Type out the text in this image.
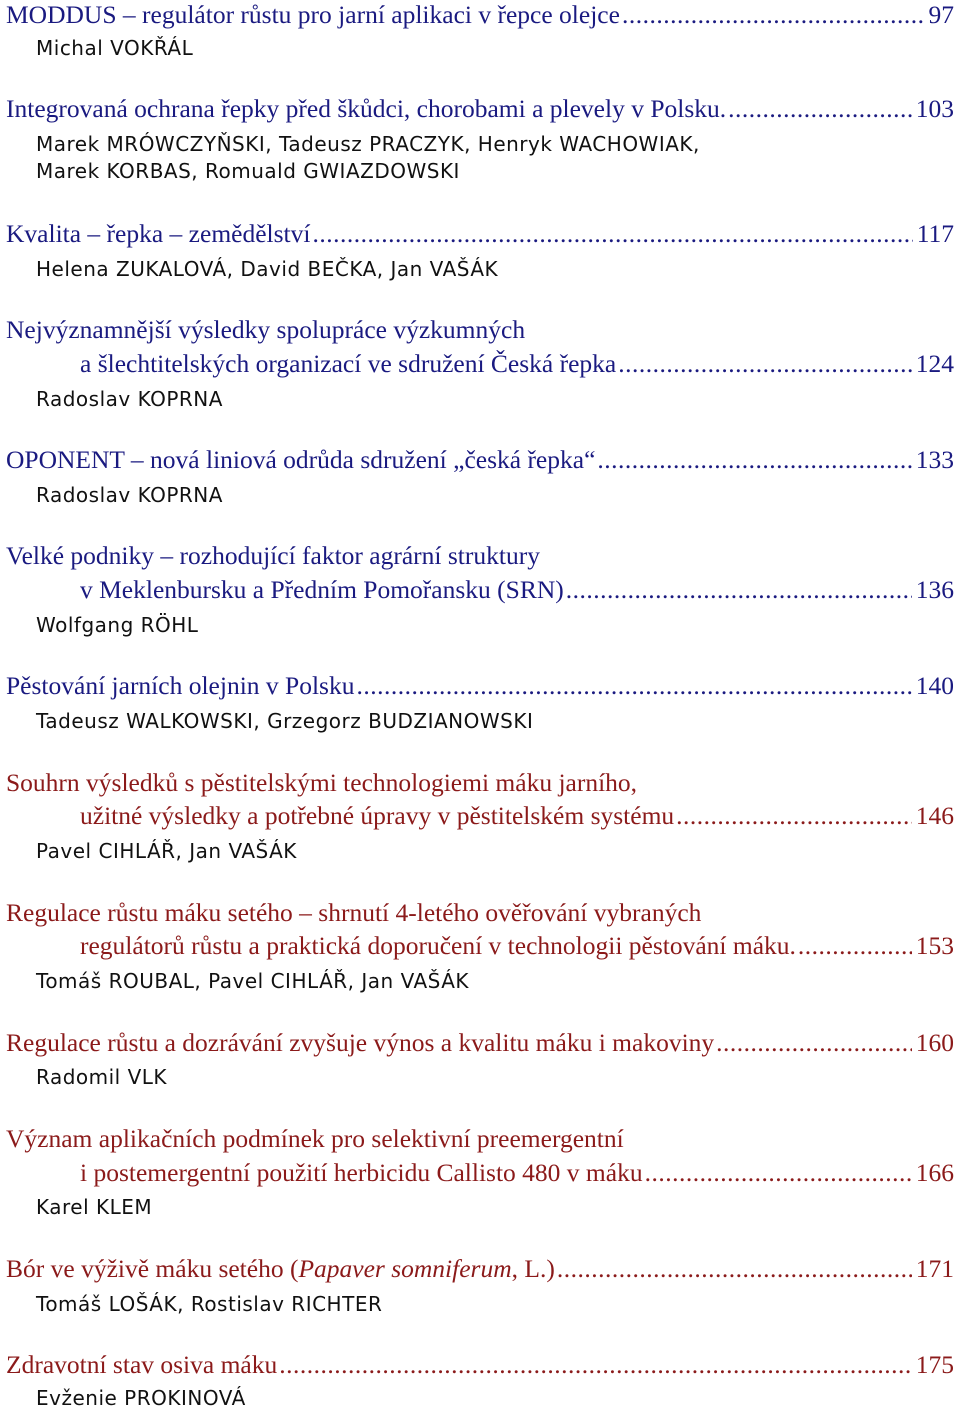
MODDUS – regulátor růstu pro jarní aplikaci v řepce olejce .....	97
Michal VOKŘÁL
Integrovaná ochrana řepky před škůdci, chorobami a plevely v Polsku. .....	103
Marek MRÓWCZYŇSKI, Tadeusz PRACZYK, Henryk WACHOWIAK,
Marek KORBAS, Romuald GWIAZDOWSKI
Kvalita – řepka – zemědělství .....	117
Helena ZUKALOVÁ, David BEČKA, Jan VAŠÁK
Nejvýznamnější výsledky spolupráce výzkumných
a šlechtitelských organizací ve sdružení Česká řepka .....	124
Radoslav KOPRNA
OPONENT – nová liniová odrůda sdružení „česká řepka“ .....	133
Radoslav KOPRNA
Velké podniky – rozhodující faktor agrární struktury
v Meklenbursku a Předním Pomořansku (SRN) .....	136
Wolfgang RÖHL
Pěstování jarních olejnin v Polsku .....	140
Tadeusz WALKOWSKI, Grzegorz BUDZIANOWSKI
Souhrn výsledků s pěstitelskými technologiemi máku jarního,
užitné výsledky a potřebné úpravy v pěstitelském systému .....	146
Pavel CIHLÁŘ, Jan VAŠÁK
Regulace růstu máku setého – shrnutí 4-letého ověřování vybraných
regulátorů růstu a praktická doporučení v technologii pěstování máku. .....	153
Tomáš ROUBAL, Pavel CIHLÁŘ, Jan VAŠÁK
Regulace růstu a dozrávání zvyšuje výnos a kvalitu máku i makoviny .....	160
Radomil VLK
Význam aplikačních podmínek pro selektivní preemergentní
i postemergentní použití herbicidu Callisto 480 v máku .....	166
Karel KLEM
Bór ve výživě máku setého (Papaver somniferum, L.) .....	171
Tomáš LOŠÁK, Rostislav RICHTER
Zdravotní stav osiva máku .....	175
Evženie PROKINOVÁ
